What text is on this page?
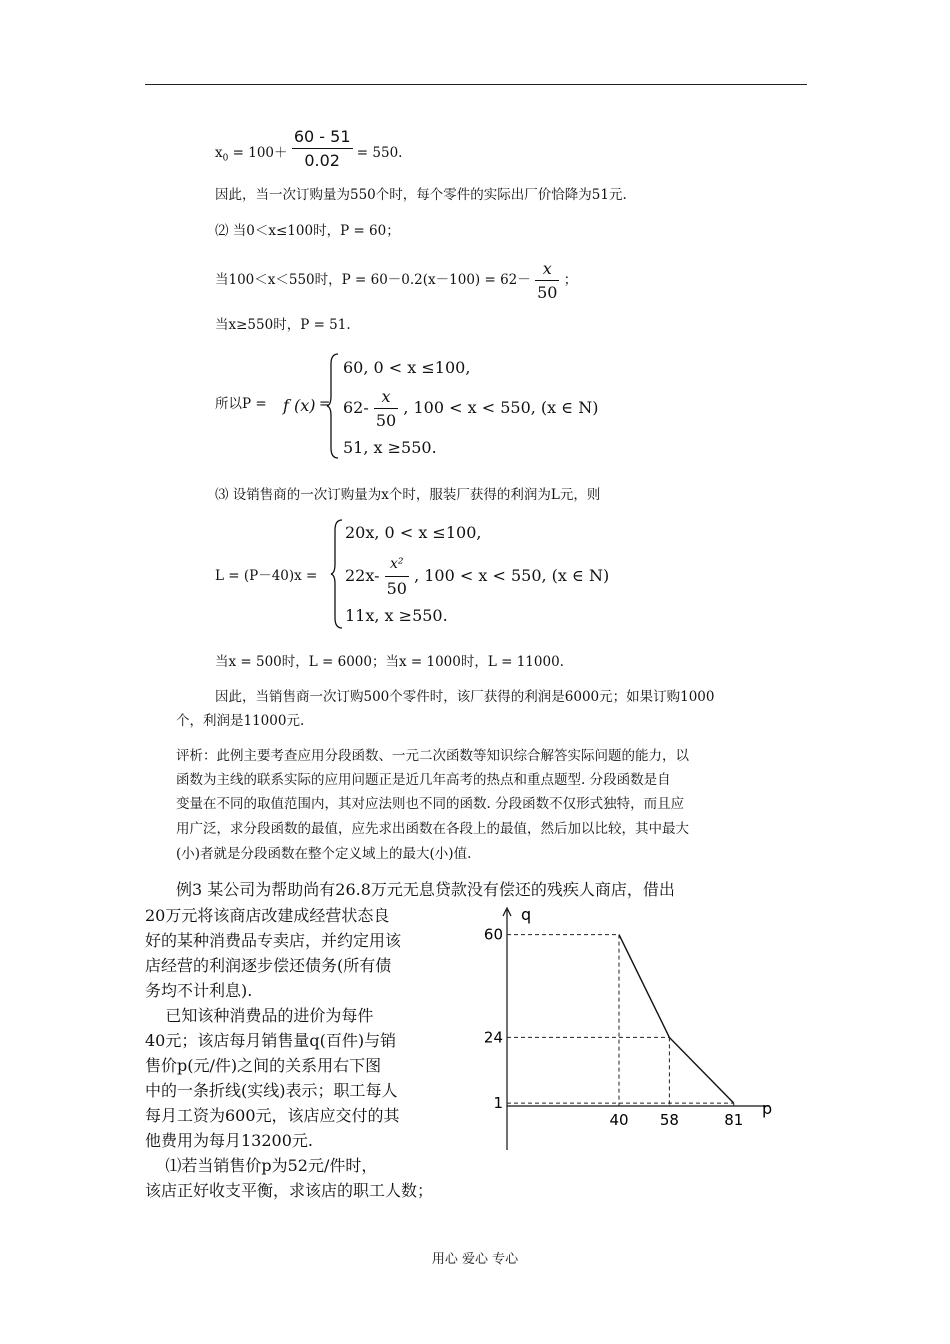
$x_0 = 100+ \frac{60 - 51}{0.02} = 550$.
因此，当一次订购量为550个时，每个零件的实际出厂价恰降为51元.
⑵ 当0＜x≤100时，P = 60；
当100＜x＜550时，$P = 60-0.2(x-100) = 62- \frac{x}{50}$ ；
当x≥550时，P = 51.
所以P = f (x) =
60, 0 < x ≤100,
$62- \frac{x}{50}$ , 100 < x < 550, (x ∈ N)
51, x ≥550.
⑶ 设销售商的一次订购量为x个时，服装厂获得的利润为L元，则
L = (P－40)x =
20x, 0 < x ≤100,
$22x- \frac{\text{x²}}{50}$ , 100 < x < 550, (x ∈ N)
11x, x ≥550.
当x = 500时，L = 6000；当x = 1000时，L = 11000.
因此，当销售商一次订购500个零件时，该厂获得的利润是6000元；如果订购1000
个，利润是11000元.
评析：此例主要考查应用分段函数、一元二次函数等知识综合解答实际问题的能力，以
函数为主线的联系实际的应用问题正是近几年高考的热点和重点题型. 分段函数是自
变量在不同的取值范围内，其对应法则也不同的函数. 分段函数不仅形式独特，而且应
用广泛，求分段函数的最值，应先求出函数在各段上的最值，然后加以比较，其中最大
(小)者就是分段函数在整个定义域上的最大(小)值.
例3 某公司为帮助尚有26.8万元无息贷款没有偿还的残疾人商店，借出
20万元将该商店改建成经营状态良
好的某种消费品专卖店，并约定用该
店经营的利润逐步偿还债务(所有债
务均不计利息).
已知该种消费品的进价为每件
40元；该店每月销售量q(百件)与销
售价p(元/件)之间的关系用右下图
中的一条折线(实线)表示；职工每人
每月工资为600元，该店应交付的其
他费用为每月13200元.
⑴若当销售价p为52元/件时，
该店正好收支平衡，求该店的职工人数；
q
p
40
60
58
24
81
1
用心 爱心 专心
